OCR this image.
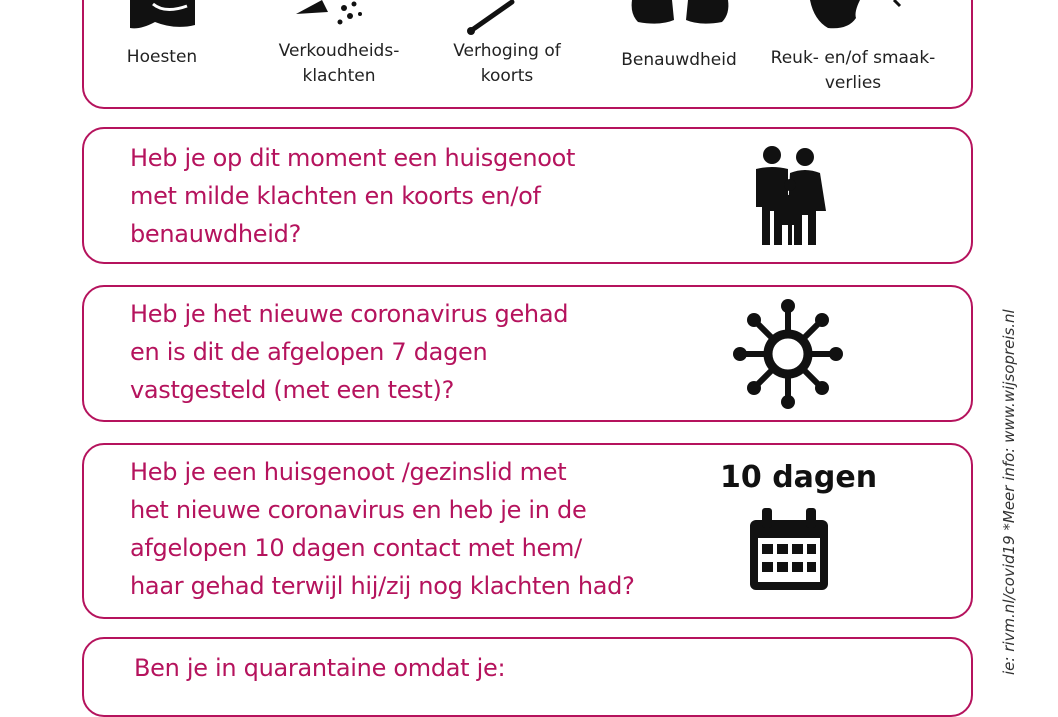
Hoesten	Verkoudheids-
klachten
Verhoging of
koorts
Benauwdheid	Reuk- en/of smaak-
verlies
Heb je op dit moment een huisgenoot
met milde klachten en koorts en/of
benauwdheid?
Heb je het nieuwe coronavirus gehad
en is dit de afgelopen 7 dagen
vastgesteld (met een test)?
Heb je een huisgenoot /gezinslid met
het nieuwe coronavirus en heb je in de
afgelopen 10 dagen contact met hem/
haar gehad terwijl hij/zij nog klachten had?
10 dagen
Ben je in quarantaine omdat je:	ie: rivm.nl/covid19 *Meer info: www.wijsopreis.nl
